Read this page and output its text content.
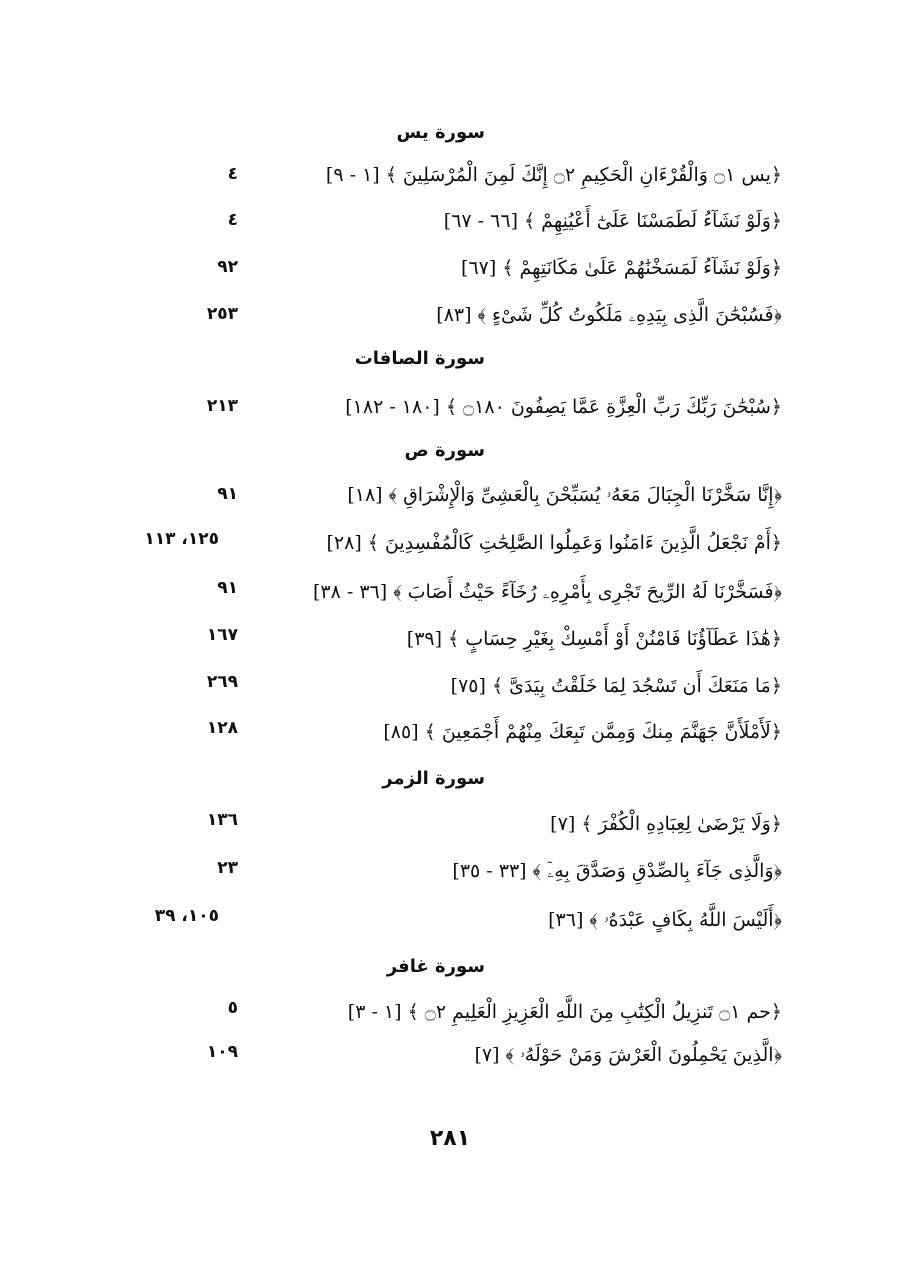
سورة يس
﴿يس ۝١ وَالْقُرْءَانِ الْحَكِيمِ ۝٢ إِنَّكَ لَمِنَ الْمُرْسَلِينَ ﴾ [١ - ٩]
٤
﴿وَلَوْ نَشَآءُ لَطَمَسْنَا عَلَىٰٓ أَعْيُنِهِمْ ﴾ [٦٦ - ٦٧]
٤
﴿وَلَوْ نَشَآءُ لَمَسَخْنَٰهُمْ عَلَىٰ مَكَانَتِهِمْ ﴾ [٦٧]
٩٢
﴿فَسُبْحَٰنَ الَّذِى بِيَدِهِۦ مَلَكُوتُ كُلِّ شَىْءٍ ﴾ [٨٣]
٢٥٣
سورة الصافات
﴿سُبْحَٰنَ رَبِّكَ رَبِّ الْعِزَّةِ عَمَّا يَصِفُونَ ۝١٨٠ ﴾ [١٨٠ - ١٨٢]
٢١٣
سورة ص
﴿إِنَّا سَخَّرْنَا الْجِبَالَ مَعَهُۥ يُسَبِّحْنَ بِالْعَشِىِّ وَالْإِشْرَاقِ ﴾ [١٨]
٩١
﴿أَمْ نَجْعَلُ الَّذِينَ ءَامَنُوا وَعَمِلُوا الصَّٰلِحَٰتِ كَالْمُفْسِدِينَ ﴾ [٢٨]
١٢٥، ١١٣
﴿فَسَخَّرْنَا لَهُ الرِّيحَ تَجْرِى بِأَمْرِهِۦ رُخَآءً حَيْثُ أَصَابَ ﴾ [٣٦ - ٣٨]
٩١
﴿هَٰذَا عَطَآؤُنَا فَامْنُنْ أَوْ أَمْسِكْ بِغَيْرِ حِسَابٍ ﴾ [٣٩]
١٦٧
﴿مَا مَنَعَكَ أَن تَسْجُدَ لِمَا خَلَقْتُ بِيَدَىَّ ﴾ [٧٥]
٢٦٩
﴿لَأَمْلَأَنَّ جَهَنَّمَ مِنكَ وَمِمَّن تَبِعَكَ مِنْهُمْ أَجْمَعِينَ ﴾ [٨٥]
١٢٨
سورة الزمر
﴿وَلَا يَرْضَىٰ لِعِبَادِهِ الْكُفْرَ ﴾ [٧]
١٣٦
﴿وَالَّذِى جَآءَ بِالصِّدْقِ وَصَدَّقَ بِهِۦٓ ﴾ [٣٣ - ٣٥]
٢٣
﴿أَلَيْسَ اللَّهُ بِكَافٍ عَبْدَهُۥ ﴾ [٣٦]
١٠٥، ٣٩
سورة غافر
﴿حم ۝١ تَنزِيلُ الْكِتَٰبِ مِنَ اللَّهِ الْعَزِيزِ الْعَلِيمِ ۝٢ ﴾ [١ - ٣]
٥
﴿الَّذِينَ يَحْمِلُونَ الْعَرْشَ وَمَنْ حَوْلَهُۥ ﴾ [٧]
١٠٩
٢٨١
